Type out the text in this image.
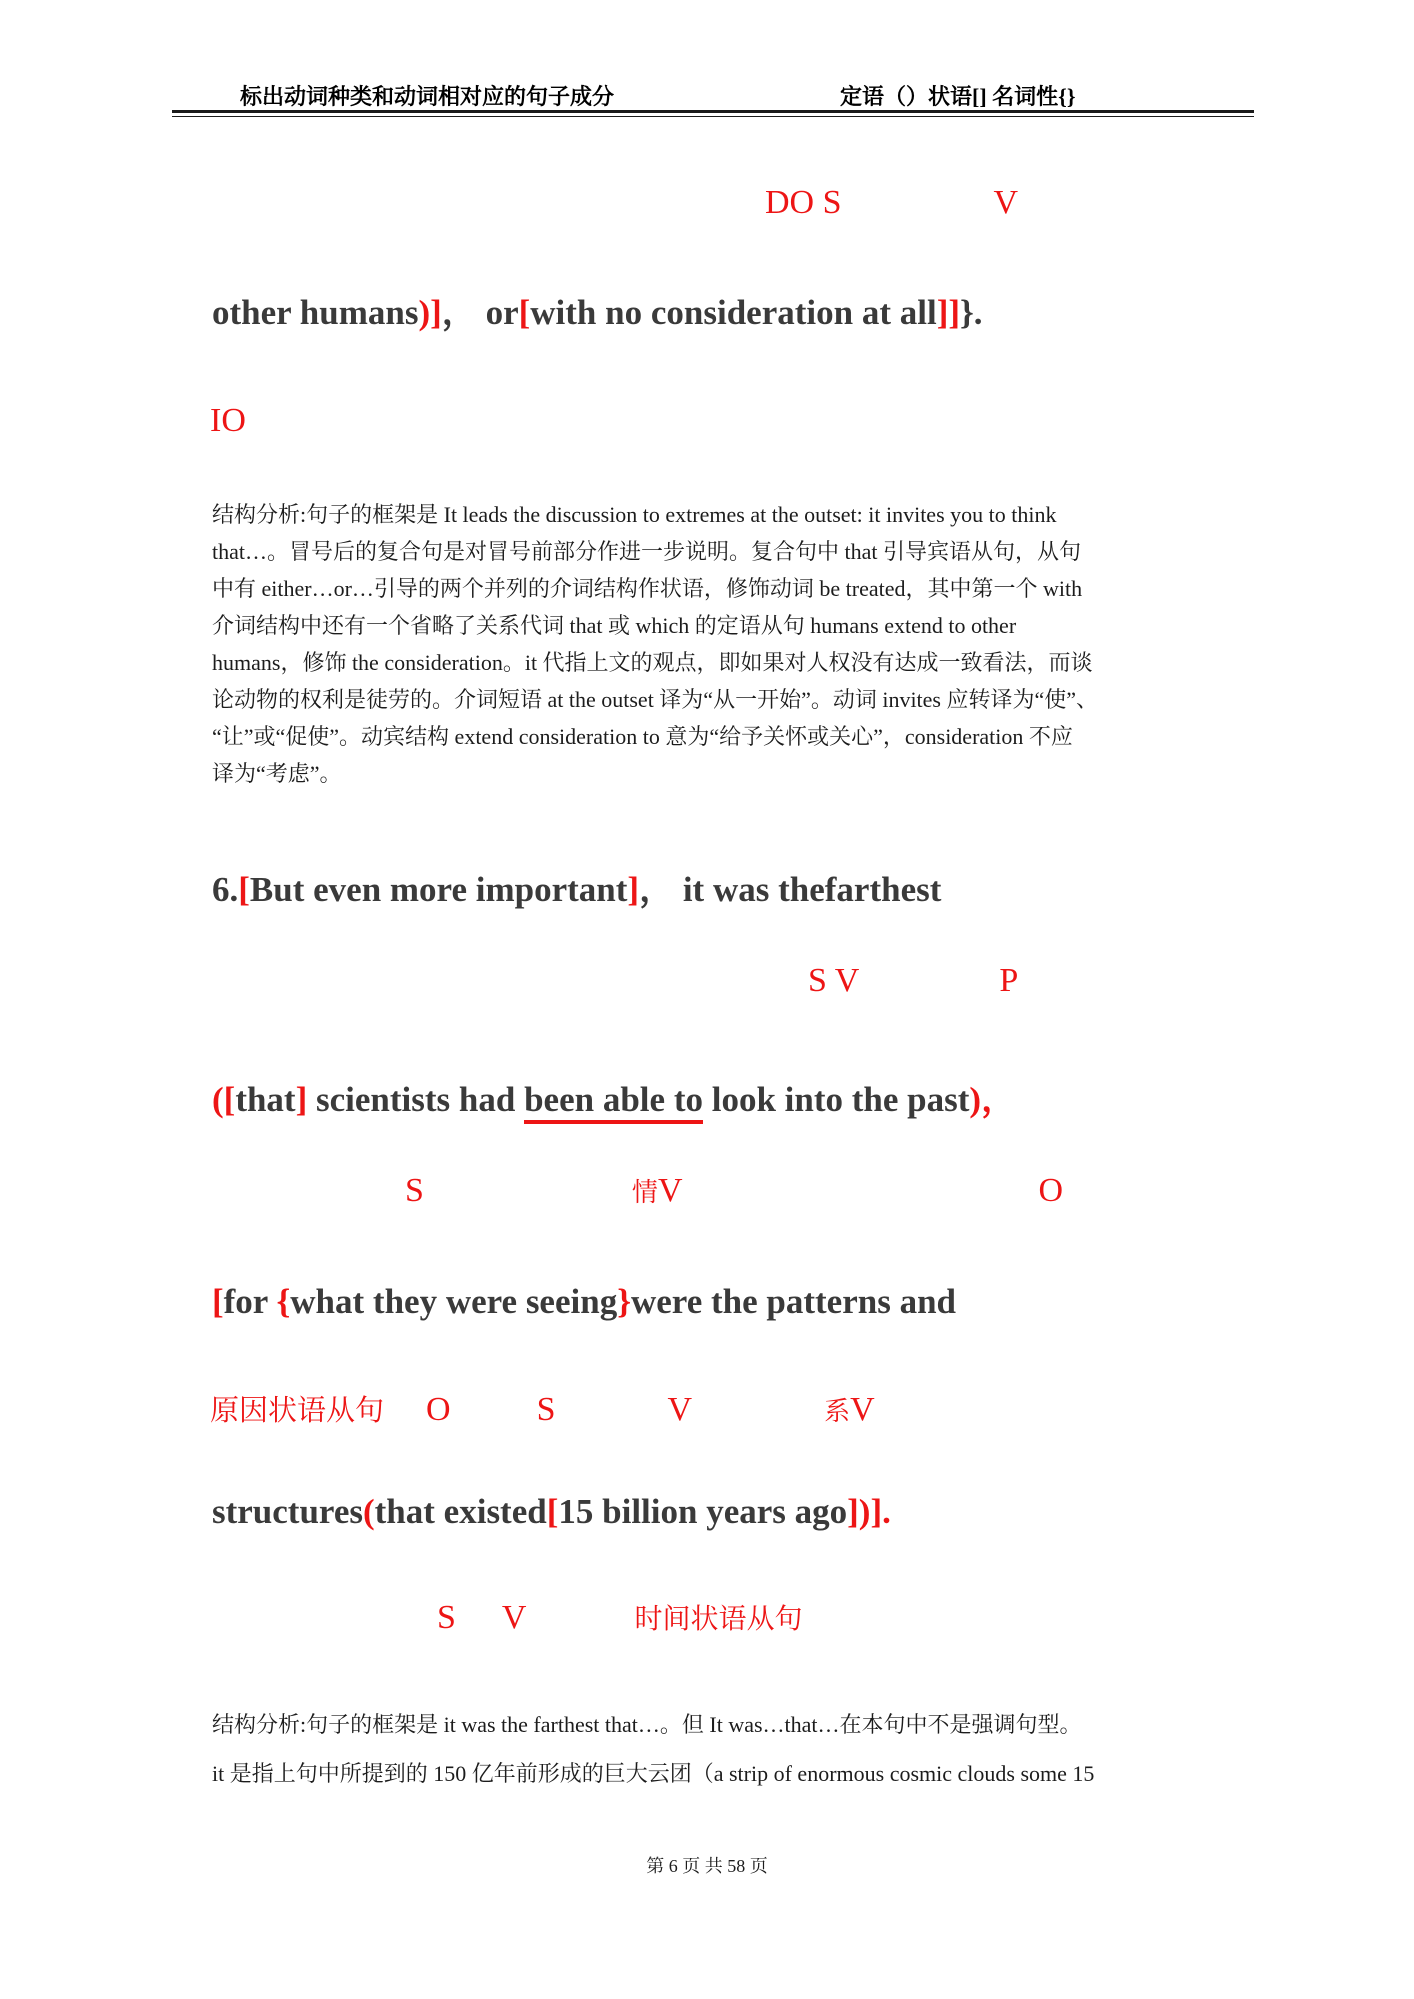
标出动词种类和动词相对应的句子成分	定语（）状语[] 名词性{}
DO S	V
other humans)]， or[with no consideration at all]]}.
IO
结构分析:句子的框架是 It leads the discussion to extremes at the outset: it invites you to think
that…。冒号后的复合句是对冒号前部分作进一步说明。复合句中 that 引导宾语从句，从句
中有 either…or…引导的两个并列的介词结构作状语，修饰动词 be treated，其中第一个 with
介词结构中还有一个省略了关系代词 that 或 which 的定语从句 humans extend to other
humans，修饰 the consideration。it 代指上文的观点，即如果对人权没有达成一致看法，而谈
论动物的权利是徒劳的。介词短语 at the outset 译为“从一开始”。动词 invites 应转译为“使”、
“让”或“促使”。动宾结构 extend consideration to 意为“给予关怀或关心”，consideration 不应
译为“考虑”。
6.[But even more important]， it was thefarthest
S V	P
([that] scientists had been able to look into the past)，
S	情V	O
[for {what they were seeing}were the patterns and
原因状语从句 O	S	V	系V
structures(that existed[15 billion years ago])].
S V	时间状语从句
结构分析:句子的框架是 it was the farthest that…。但 It was…that…在本句中不是强调句型。
it 是指上句中所提到的 150 亿年前形成的巨大云团（a strip of enormous cosmic clouds some 15
第 6 页 共 58 页
